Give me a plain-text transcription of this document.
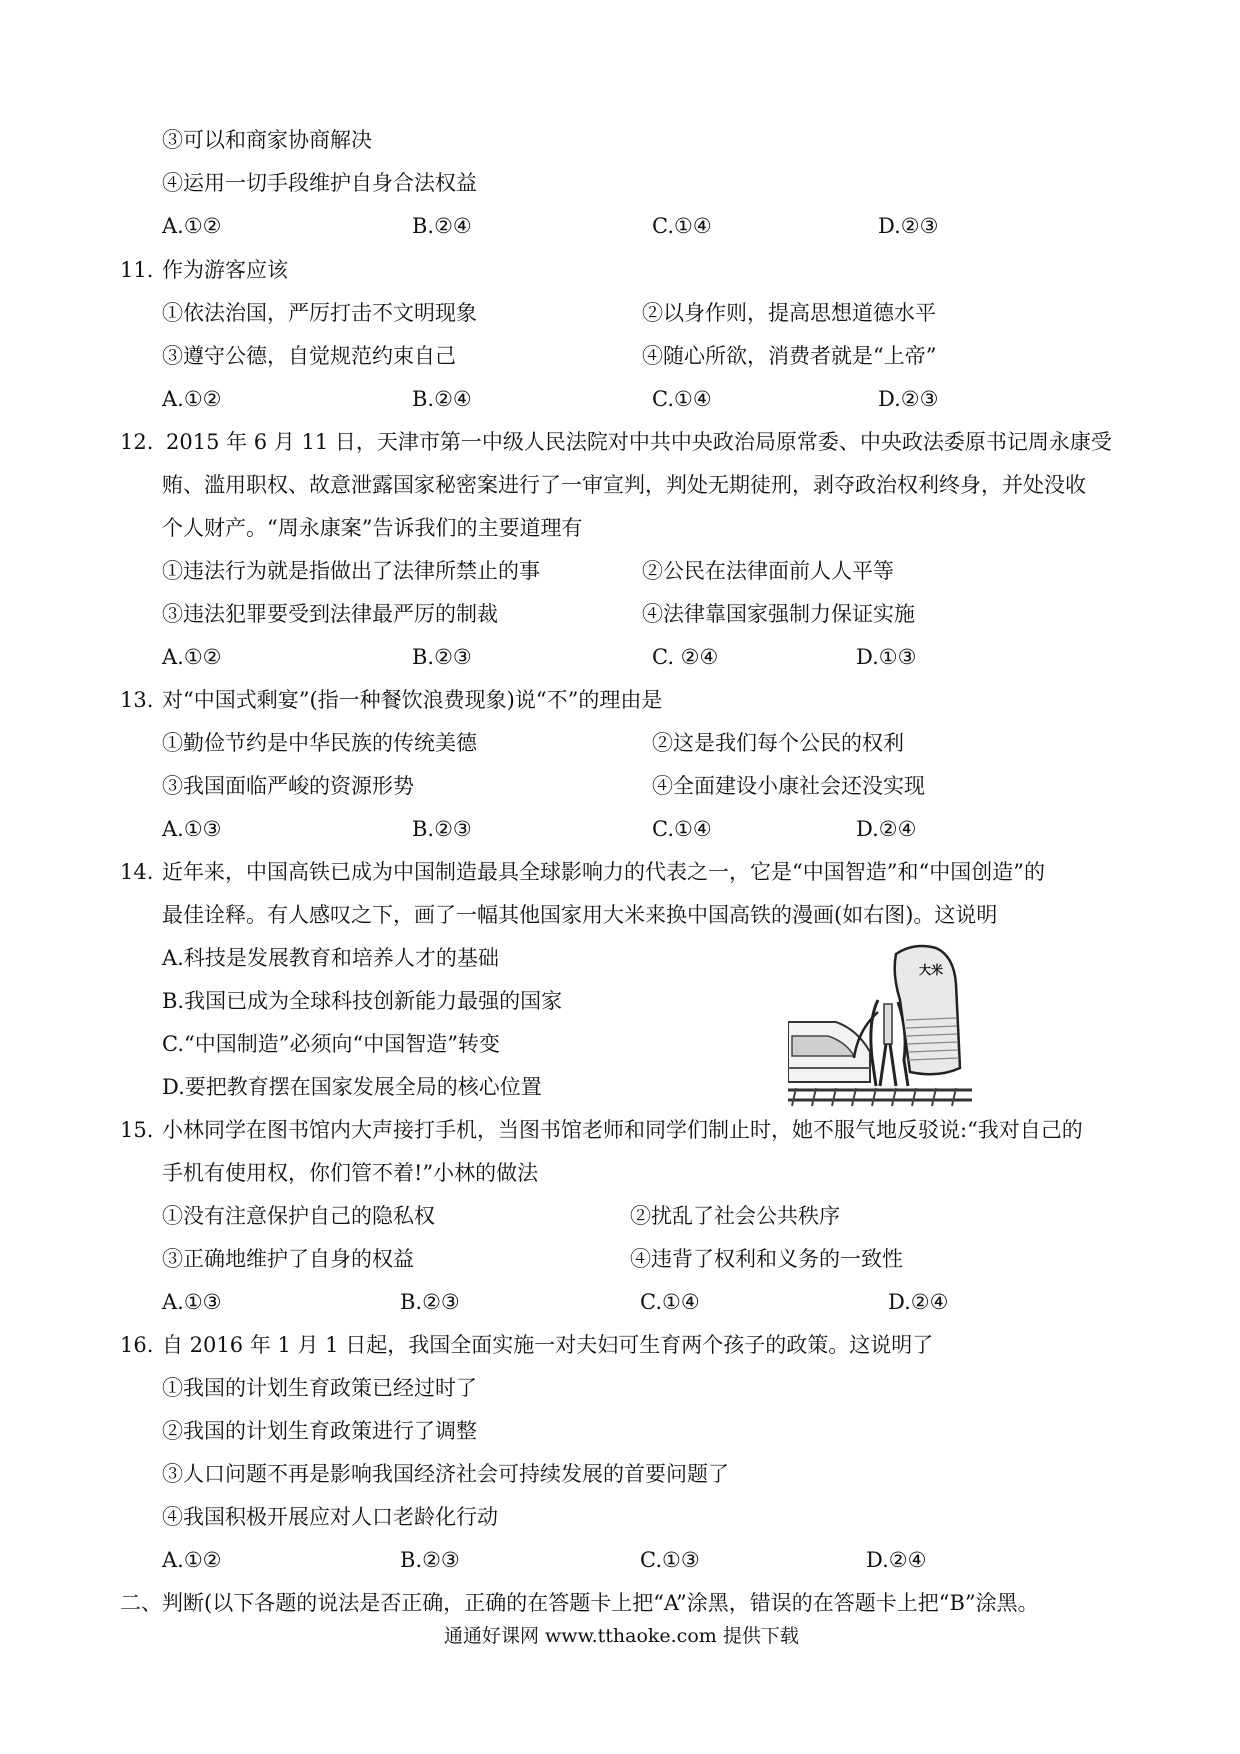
③可以和商家协商解决
④运用一切手段维护自身合法权益
A.①②	B.②④	C.①④	D.②③
11. 作为游客应该
①依法治国，严厉打击不文明现象	②以身作则，提高思想道德水平
③遵守公德，自觉规范约束自己	④随心所欲，消费者就是“上帝”
A.①②	B.②④	C.①④	D.②③
12. 2015 年 6 月 11 日，天津市第一中级人民法院对中共中央政治局原常委、中央政法委原书记周永康受
贿、滥用职权、故意泄露国家秘密案进行了一审宣判，判处无期徒刑，剥夺政治权利终身，并处没收
个人财产。“周永康案”告诉我们的主要道理有
①违法行为就是指做出了法律所禁止的事	②公民在法律面前人人平等
③违法犯罪要受到法律最严厉的制裁	④法律靠国家强制力保证实施
A.①②	B.②③	C. ②④	D.①③
13. 对“中国式剩宴”(指一种餐饮浪费现象)说“不”的理由是
①勤俭节约是中华民族的传统美德	②这是我们每个公民的权利
③我国面临严峻的资源形势	④全面建设小康社会还没实现
A.①③	B.②③	C.①④	D.②④
14. 近年来，中国高铁已成为中国制造最具全球影响力的代表之一，它是“中国智造”和“中国创造”的
最佳诠释。有人感叹之下，画了一幅其他国家用大米来换中国高铁的漫画(如右图)。这说明
A.科技是发展教育和培养人才的基础
B.我国已成为全球科技创新能力最强的国家
C.“中国制造”必须向“中国智造”转变
D.要把教育摆在国家发展全局的核心位置
大米
15. 小林同学在图书馆内大声接打手机，当图书馆老师和同学们制止时，她不服气地反驳说:“我对自己的
手机有使用权，你们管不着!”小林的做法
①没有注意保护自己的隐私权	②扰乱了社会公共秩序
③正确地维护了自身的权益	④违背了权利和义务的一致性
A.①③	B.②③	C.①④	D.②④
16. 自 2016 年 1 月 1 日起，我国全面实施一对夫妇可生育两个孩子的政策。这说明了
①我国的计划生育政策已经过时了
②我国的计划生育政策进行了调整
③人口问题不再是影响我国经济社会可持续发展的首要问题了
④我国积极开展应对人口老龄化行动
A.①②	B.②③	C.①③	D.②④
二、判断(以下各题的说法是否正确，正确的在答题卡上把“A”涂黑，错误的在答题卡上把“B”涂黑。
通通好课网 www.tthaoke.com 提供下载
